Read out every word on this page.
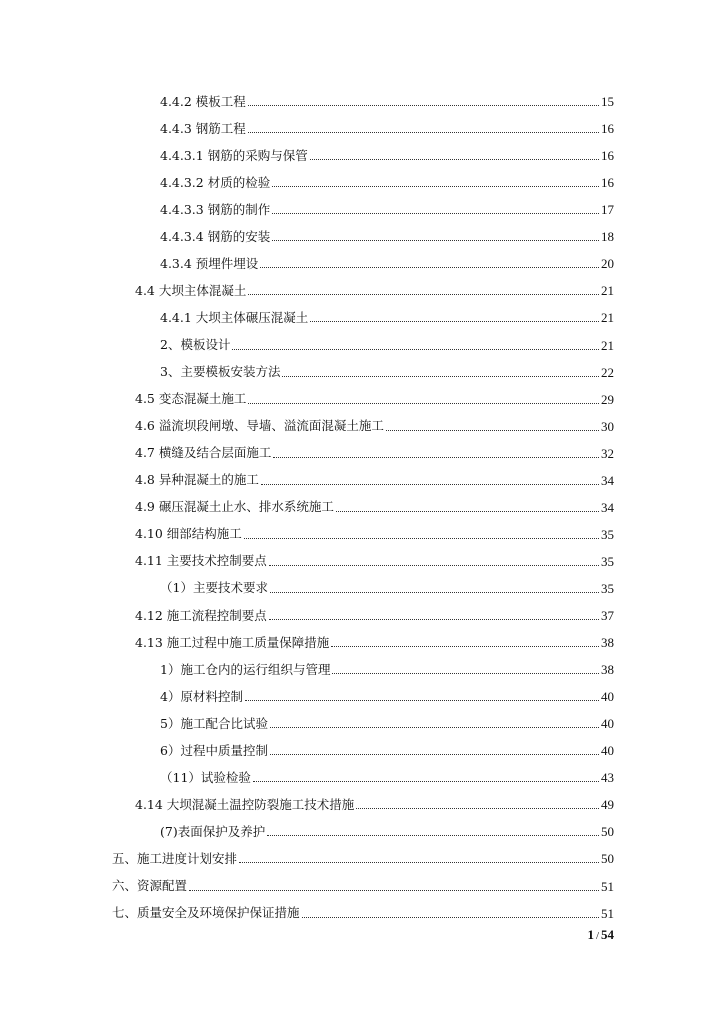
4.4.2 模板工程	15
4.4.3 钢筋工程	16
4.4.3.1 钢筋的采购与保管	16
4.4.3.2 材质的检验	16
4.4.3.3 钢筋的制作	17
4.4.3.4 钢筋的安装	18
4.3.4 预埋件埋设	20
4.4 大坝主体混凝土	21
4.4.1 大坝主体碾压混凝土	21
2、模板设计	21
3、主要模板安装方法	22
4.5 变态混凝土施工	29
4.6 溢流坝段闸墩、导墙、溢流面混凝土施工	30
4.7 横缝及结合层面施工	32
4.8 异种混凝土的施工	34
4.9 碾压混凝土止水、排水系统施工	34
4.10 细部结构施工	35
4.11 主要技术控制要点	35
（1）主要技术要求	35
4.12 施工流程控制要点	37
4.13 施工过程中施工质量保障措施	38
1）施工仓内的运行组织与管理	38
4）原材料控制	40
5）施工配合比试验	40
6）过程中质量控制	40
（11）试验检验	43
4.14 大坝混凝土温控防裂施工技术措施	49
(7)表面保护及养护	50
五、施工进度计划安排	50
六、资源配置	51
七、质量安全及环境保护保证措施	51
1 / 54
